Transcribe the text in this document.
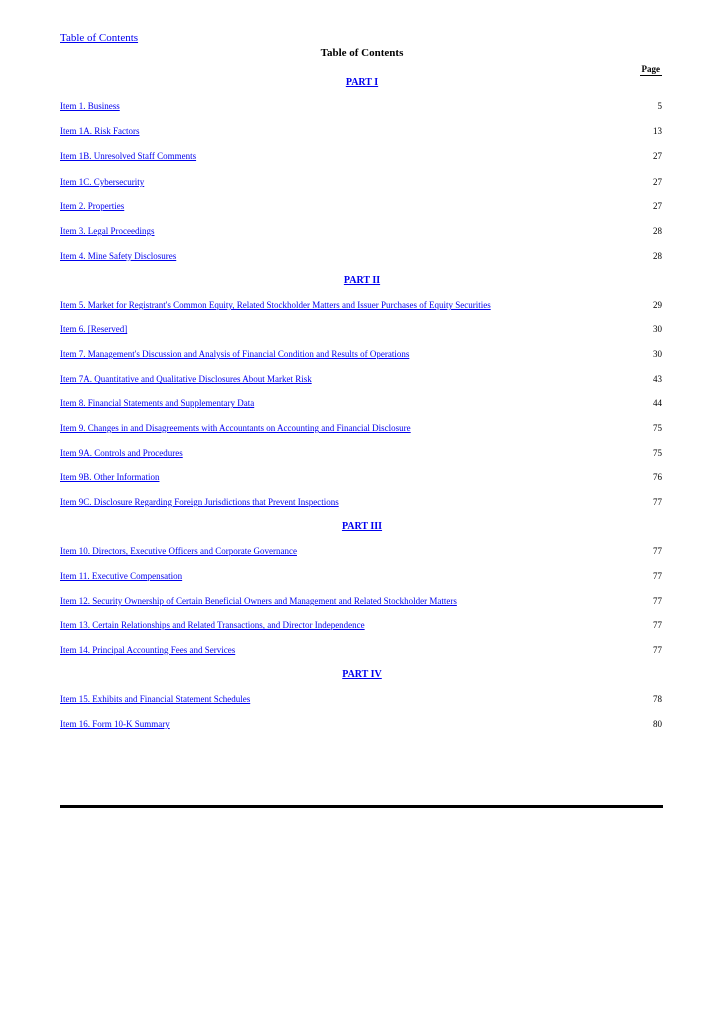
Table of Contents
Table of Contents
Page
PART I
Item 1. Business	5
Item 1A. Risk Factors	13
Item 1B. Unresolved Staff Comments	27
Item 1C. Cybersecurity	27
Item 2. Properties	27
Item 3. Legal Proceedings	28
Item 4. Mine Safety Disclosures	28
PART II
Item 5. Market for Registrant's Common Equity, Related Stockholder Matters and Issuer Purchases of Equity Securities	29
Item 6. [Reserved]	30
Item 7. Management's Discussion and Analysis of Financial Condition and Results of Operations	30
Item 7A. Quantitative and Qualitative Disclosures About Market Risk	43
Item 8. Financial Statements and Supplementary Data	44
Item 9. Changes in and Disagreements with Accountants on Accounting and Financial Disclosure	75
Item 9A. Controls and Procedures	75
Item 9B. Other Information	76
Item 9C. Disclosure Regarding Foreign Jurisdictions that Prevent Inspections	77
PART III
Item 10. Directors, Executive Officers and Corporate Governance	77
Item 11. Executive Compensation	77
Item 12. Security Ownership of Certain Beneficial Owners and Management and Related Stockholder Matters	77
Item 13. Certain Relationships and Related Transactions, and Director Independence	77
Item 14. Principal Accounting Fees and Services	77
PART IV
Item 15. Exhibits and Financial Statement Schedules	78
Item 16. Form 10-K Summary	80
